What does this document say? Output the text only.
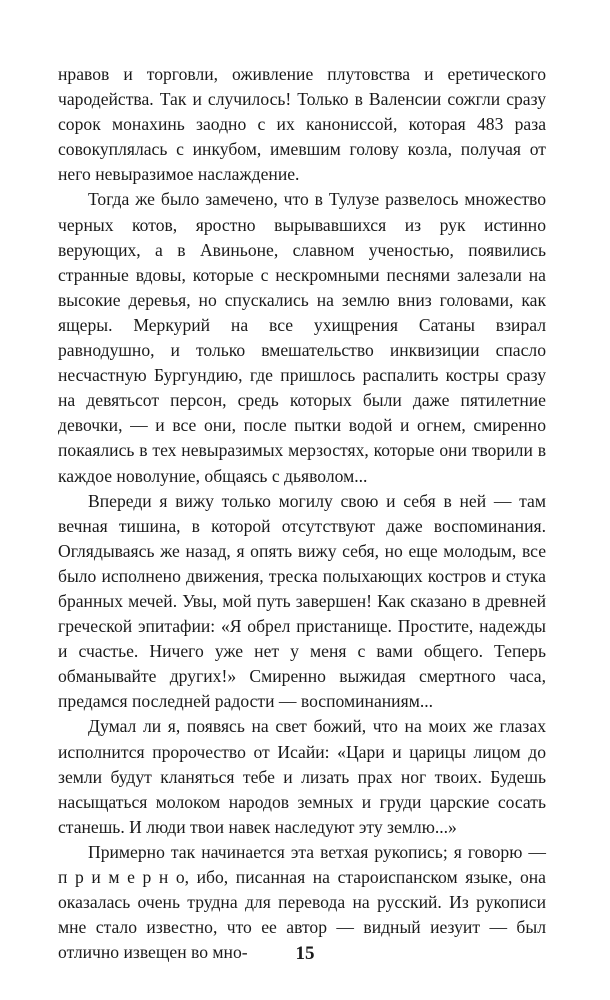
нравов и торговли, оживление плутовства и еретического чародейства. Так и случилось! Только в Валенсии сожгли сразу сорок монахинь заодно с их канониссой, которая 483 раза совокуплялась с инкубом, имевшим голову козла, получая от него невыразимое наслаждение.

Тогда же было замечено, что в Тулузе развелось множество черных котов, яростно вырывавшихся из рук истинно верующих, а в Авиньоне, славном ученостью, появились странные вдовы, которые с нескромными песнями залезали на высокие деревья, но спускались на землю вниз головами, как ящеры. Меркурий на все ухищрения Сатаны взирал равнодушно, и только вмешательство инквизиции спасло несчастную Бургундию, где пришлось распалить костры сразу на девятьсот персон, средь которых были даже пятилетние девочки, — и все они, после пытки водой и огнем, смиренно покаялись в тех невыразимых мерзостях, которые они творили в каждое новолуние, общаясь с дьяволом...

Впереди я вижу только могилу свою и себя в ней — там вечная тишина, в которой отсутствуют даже воспоминания. Оглядываясь же назад, я опять вижу себя, но еще молодым, все было исполнено движения, треска полыхающих костров и стука бранных мечей. Увы, мой путь завершен! Как сказано в древней греческой эпитафии: «Я обрел пристанище. Простите, надежды и счастье. Ничего уже нет у меня с вами общего. Теперь обманывайте других!» Смиренно выжидая смертного часа, предамся последней радости — воспоминаниям...

Думал ли я, появясь на свет божий, что на моих же глазах исполнится пророчество от Исайи: «Цари и царицы лицом до земли будут кланяться тебе и лизать прах ног твоих. Будешь насыщаться молоком народов земных и груди царские сосать станешь. И люди твои навек наследуют эту землю...»

Примерно так начинается эта ветхая рукопись; я говорю — п р и м е р н о, ибо, писанная на староиспанском языке, она оказалась очень трудна для перевода на русский. Из рукописи мне стало известно, что ее автор — видный иезуит — был отлично извещен во мно-	15
